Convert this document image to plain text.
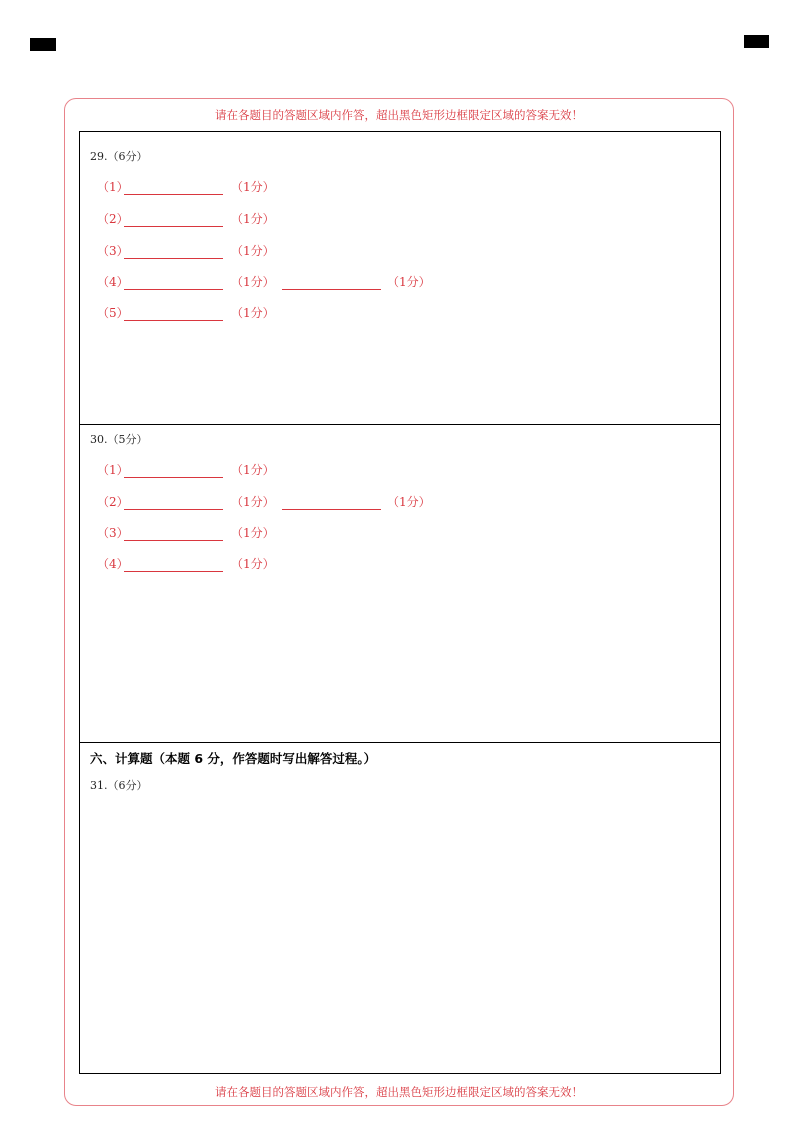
请在各题目的答题区域内作答，超出黑色矩形边框限定区域的答案无效！
请在各题目的答题区域内作答，超出黑色矩形边框限定区域的答案无效！
29.（6分）
（1）	（1分）
（2）	（1分）
（3）	（1分）
（4）	（1分）	（1分）
（5）	（1分）
30.（5分）
（1）	（1分）
（2）	（1分）	（1分）
（3）	（1分）
（4）	（1分）
六、计算题（本题 6 分，作答题时写出解答过程。）
31.（6分）
